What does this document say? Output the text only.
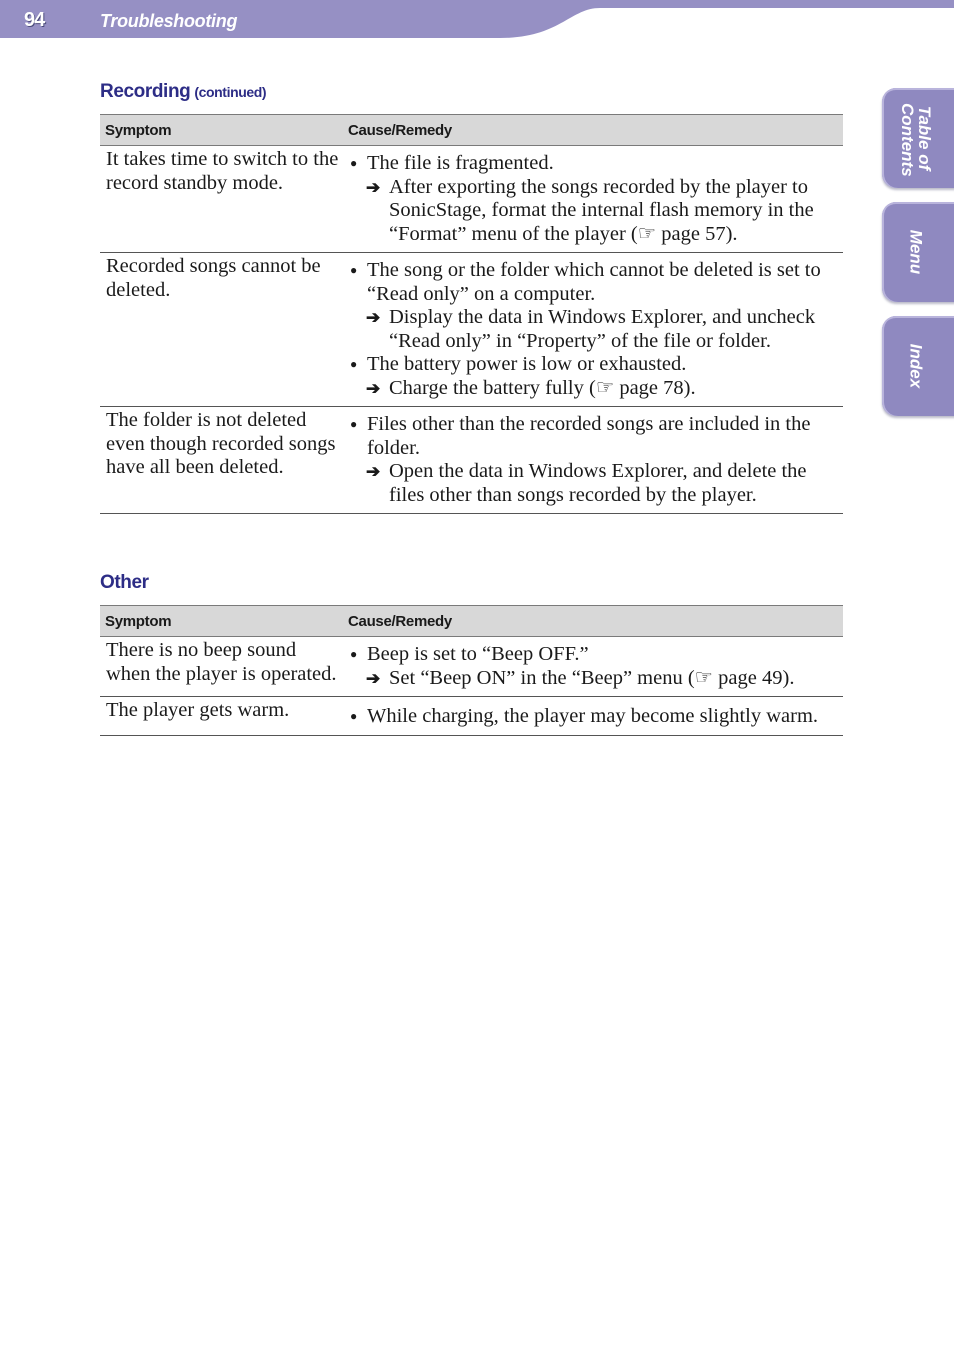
94	Troubleshooting
Table of Contents
Menu
Index
Recording (continued)
Symptom	Cause/Remedy
It takes time to switch to the record standby mode.	● The file is fragmented.
➔ After exporting the songs recorded by the player to SonicStage, format the internal flash memory in the “Format” menu of the player (☞ page 57).

Recorded songs cannot be deleted.	● The song or the folder which cannot be deleted is set to “Read only” on a computer.
➔ Display the data in Windows Explorer, and uncheck “Read only” in “Property” of the file or folder.
● The battery power is low or exhausted.
➔ Charge the battery fully (☞ page 78).

The folder is not deleted even though recorded songs have all been deleted.	● Files other than the recorded songs are included in the folder.
➔ Open the data in Windows Explorer, and delete the files other than songs recorded by the player.
Other
Symptom	Cause/Remedy
There is no beep sound when the player is operated.	● Beep is set to “Beep OFF.”
➔ Set “Beep ON” in the “Beep” menu (☞ page 49).

The player gets warm.	● While charging, the player may become slightly warm.
